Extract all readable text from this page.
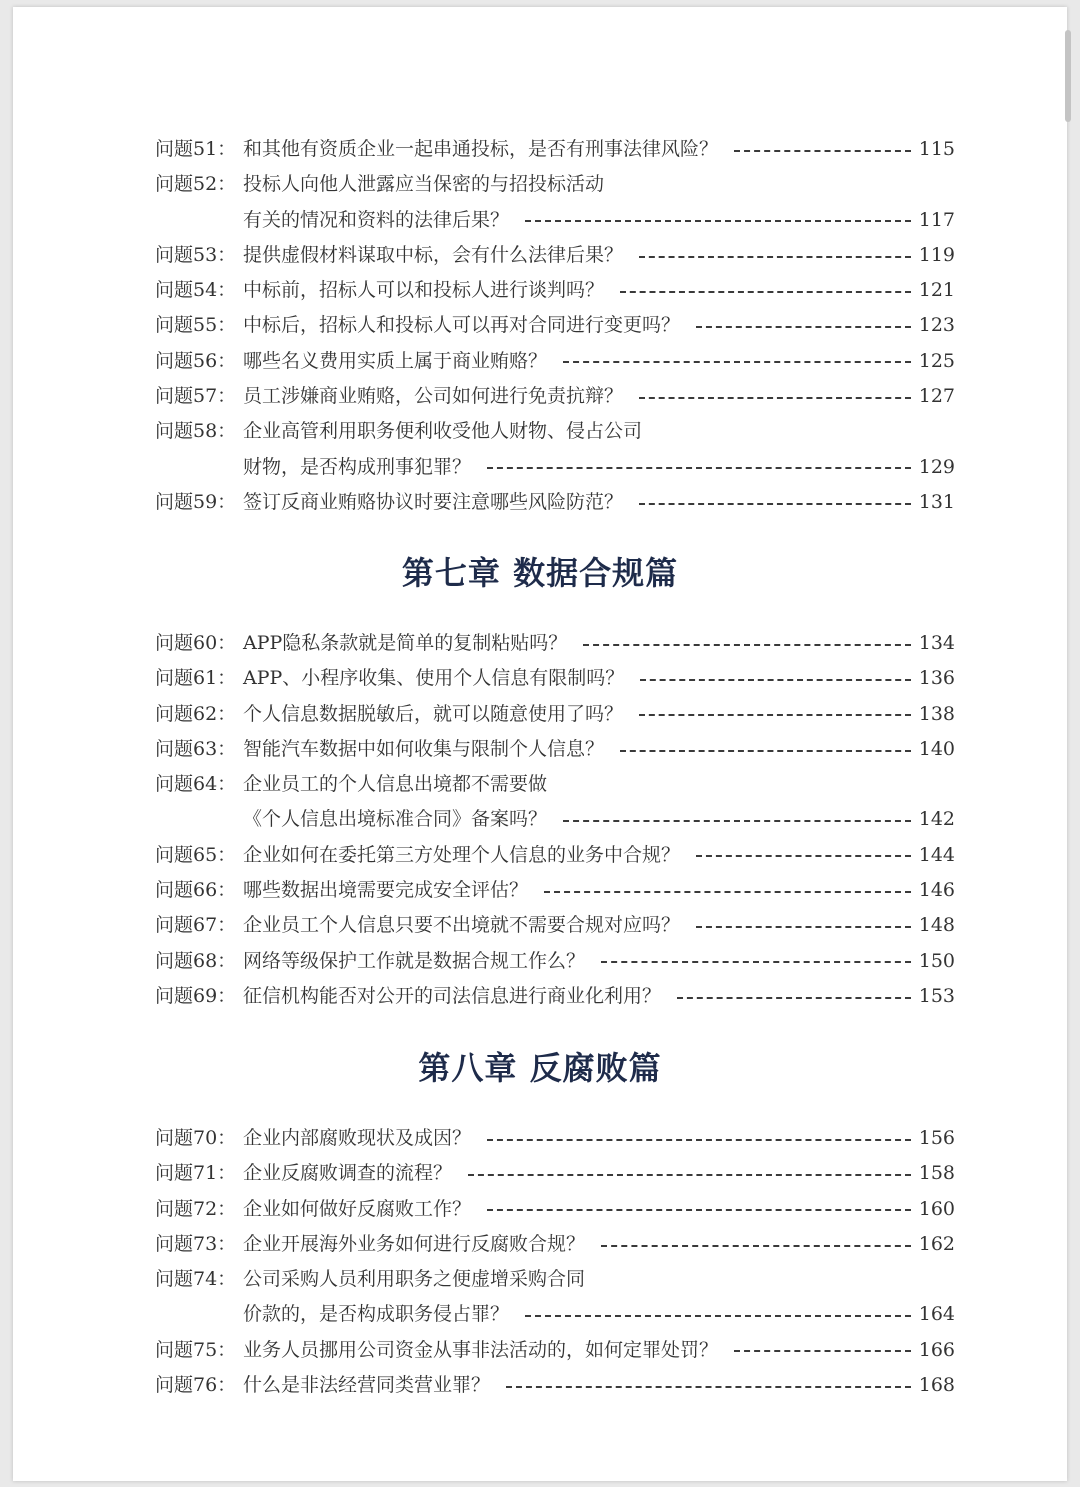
问题51： 和其他有资质企业一起串通投标，是否有刑事法律风险？	115
问题52： 投标人向他人泄露应当保密的与招投标活动
有关的情况和资料的法律后果？	117
问题53： 提供虚假材料谋取中标，会有什么法律后果？	119
问题54： 中标前，招标人可以和投标人进行谈判吗？	121
问题55： 中标后，招标人和投标人可以再对合同进行变更吗？	123
问题56： 哪些名义费用实质上属于商业贿赂？	125
问题57： 员工涉嫌商业贿赂，公司如何进行免责抗辩？	127
问题58： 企业高管利用职务便利收受他人财物、侵占公司
财物，是否构成刑事犯罪？	129
问题59： 签订反商业贿赂协议时要注意哪些风险防范？	131
第七章 数据合规篇
问题60： APP隐私条款就是简单的复制粘贴吗？	134
问题61： APP、小程序收集、使用个人信息有限制吗？	136
问题62： 个人信息数据脱敏后，就可以随意使用了吗？	138
问题63： 智能汽车数据中如何收集与限制个人信息？	140
问题64： 企业员工的个人信息出境都不需要做
《个人信息出境标准合同》备案吗？	142
问题65： 企业如何在委托第三方处理个人信息的业务中合规？	144
问题66： 哪些数据出境需要完成安全评估？	146
问题67： 企业员工个人信息只要不出境就不需要合规对应吗？	148
问题68： 网络等级保护工作就是数据合规工作么？	150
问题69： 征信机构能否对公开的司法信息进行商业化利用？	153
第八章 反腐败篇
问题70： 企业内部腐败现状及成因？	156
问题71： 企业反腐败调查的流程？	158
问题72： 企业如何做好反腐败工作？	160
问题73： 企业开展海外业务如何进行反腐败合规？	162
问题74： 公司采购人员利用职务之便虚增采购合同
价款的，是否构成职务侵占罪？	164
问题75： 业务人员挪用公司资金从事非法活动的，如何定罪处罚？	166
问题76： 什么是非法经营同类营业罪？	168
